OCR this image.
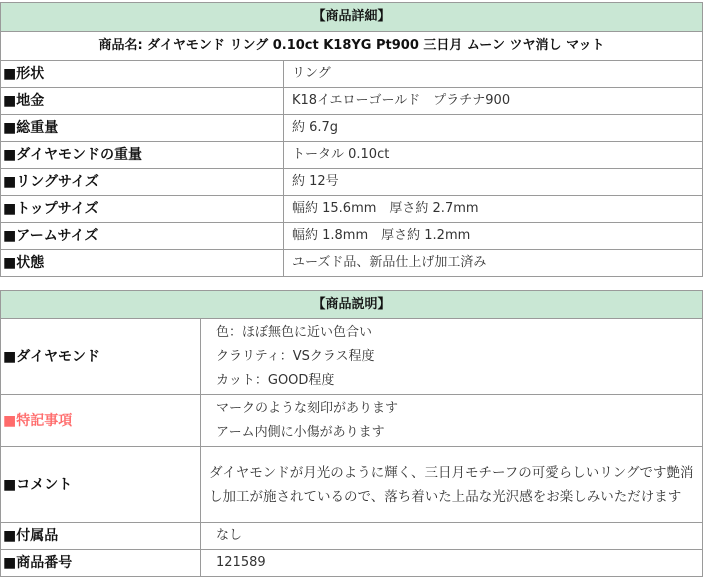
【商品詳細】	
商品名: ダイヤモンド リング 0.10ct K18YG Pt900 三日月 ムーン ツヤ消し マット	
■形状	リング
■地金	K18イエローゴールド　プラチナ900
■総重量	約 6.7g
■ダイヤモンドの重量	トータル 0.10ct
■リングサイズ	約 12号
■トップサイズ	幅約 15.6mm　厚さ約 2.7mm
■アームサイズ	幅約 1.8mm　厚さ約 1.2mm
■状態	ユーズド品、新品仕上げ加工済み
【商品説明】	
■ダイヤモンド	色：ほぼ無色に近い色合い
クラリティ：VSクラス程度
カット：GOOD程度

■特記事項	マークのような刻印があります
アーム内側に小傷があります

■コメント	ダイヤモンドが月光のように輝く、三日月モチーフの可愛らしいリングです艶消し加工が施されているので、落ち着いた上品な光沢感をお楽しみいただけます
■付属品	なし
■商品番号	121589
